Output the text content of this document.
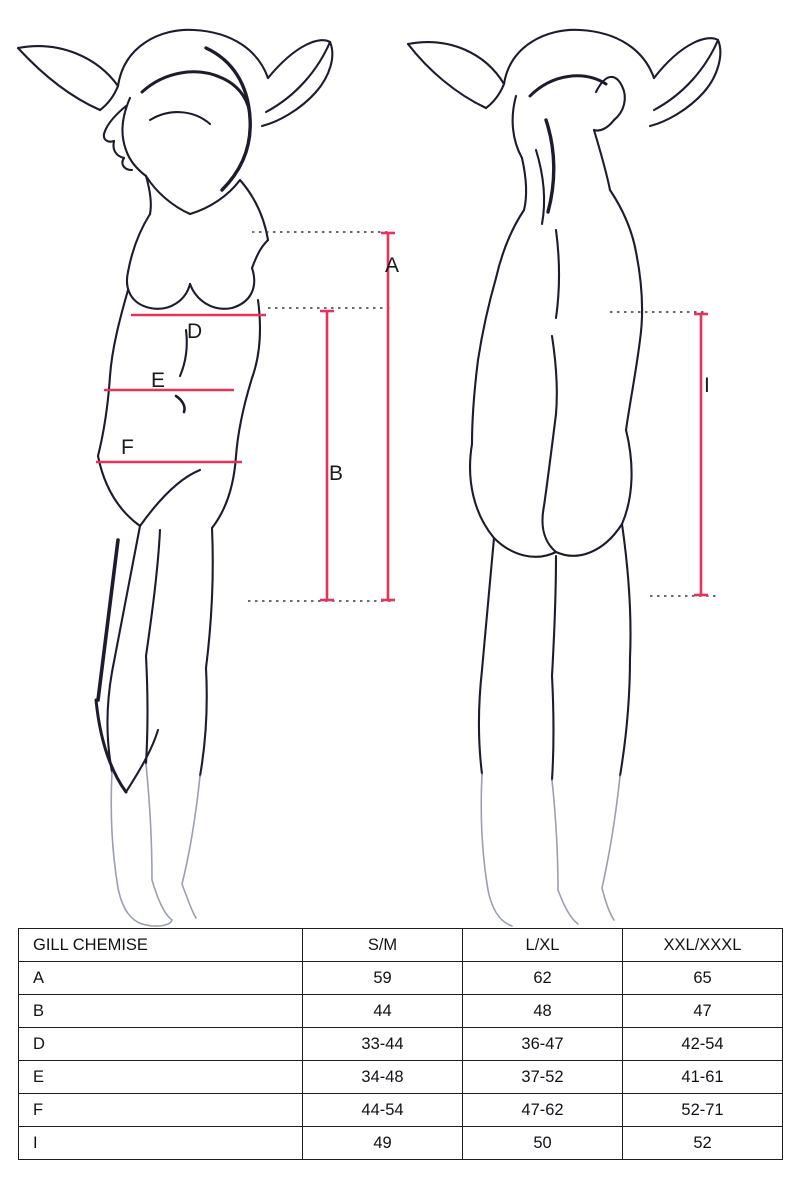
A
D
E
F
B
I
GILL CHEMISE	S/M	L/XL	XXL/XXXL
A	59	62	65
B	44	48	47
D	33-44	36-47	42-54
E	34-48	37-52	41-61
F	44-54	47-62	52-71
I	49	50	52
